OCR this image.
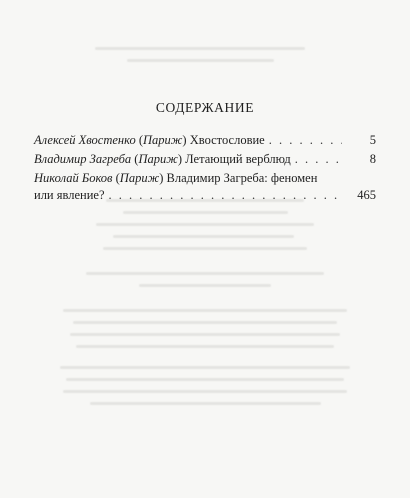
СОДЕРЖАНИЕ
Алексей Хвостенко
( Париж )
Хвостословие . . .	5
Владимир Загреба
( Париж )
Летающий верблюд . . .	8
Николай Боков
( Париж )
Владимир Загреба: феномен
или явление? . . .	465
